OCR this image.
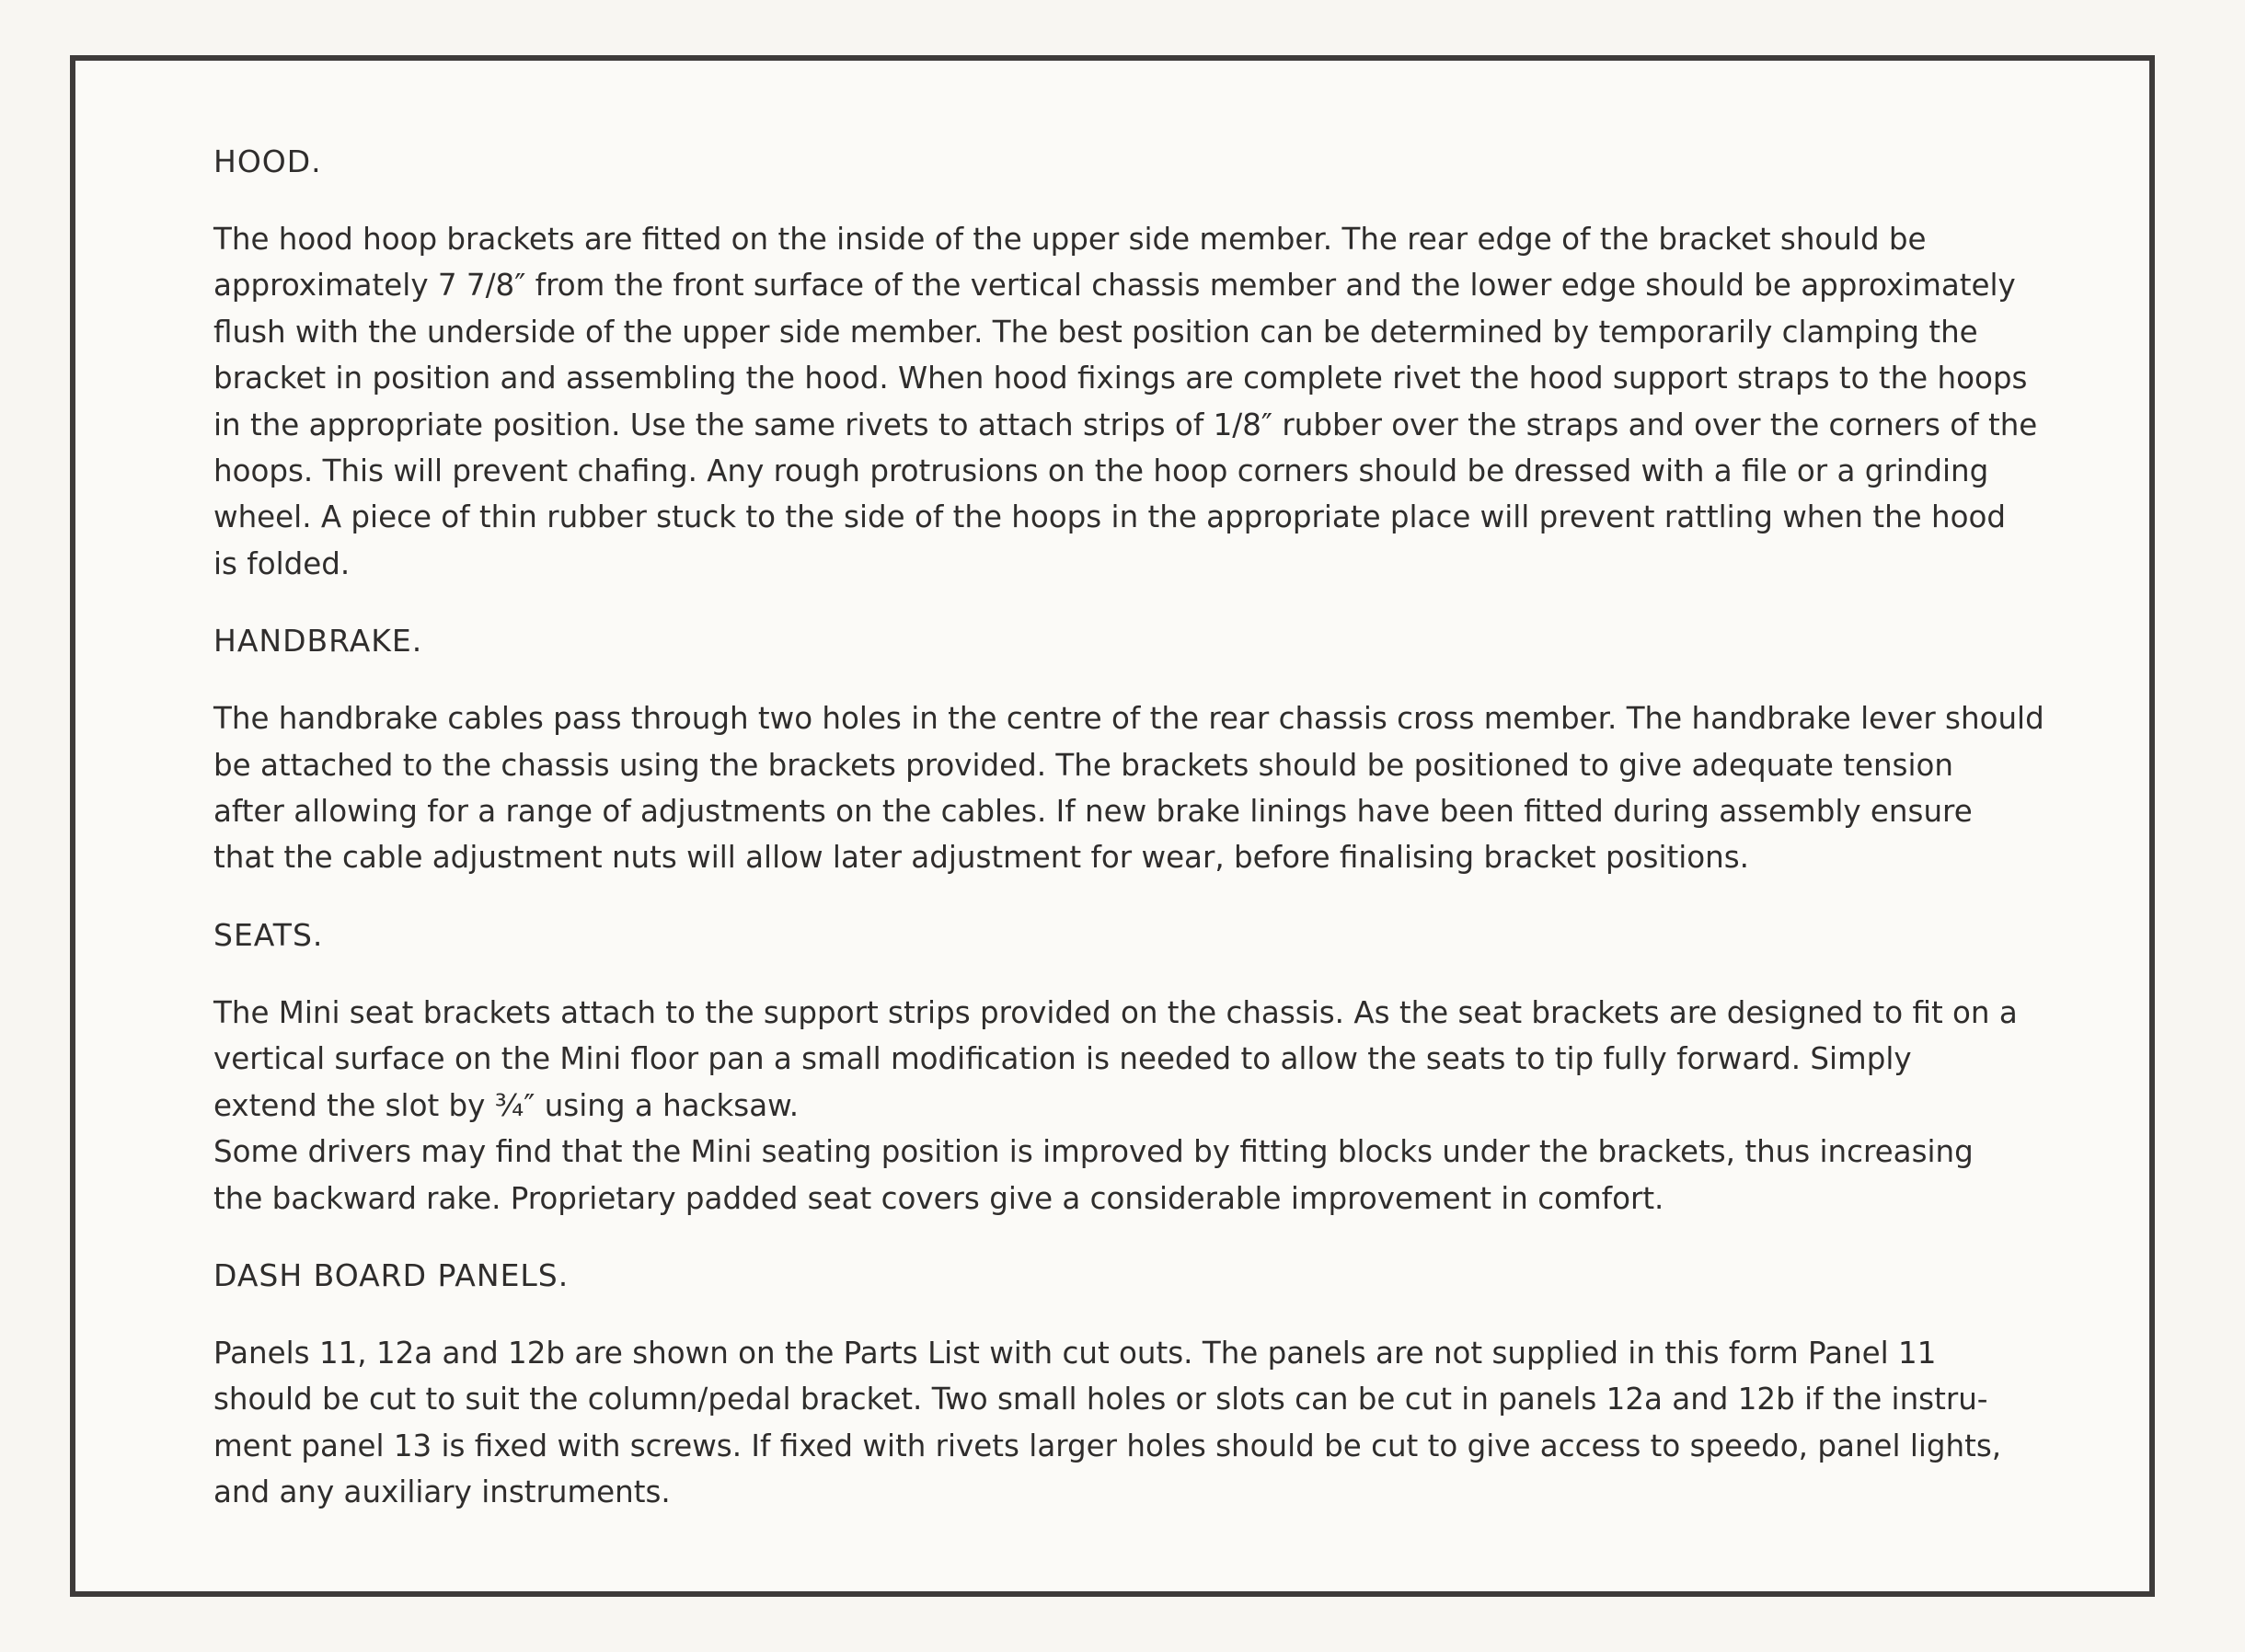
HOOD.

The hood hoop brackets are fitted on the inside of the upper side member. The rear edge of the bracket should be
approximately 7 7/8″ from the front surface of the vertical chassis member and the lower edge should be approximately
flush with the underside of the upper side member. The best position can be determined by temporarily clamping the
bracket in position and assembling the hood. When hood fixings are complete rivet the hood support straps to the hoops
in the appropriate position. Use the same rivets to attach strips of 1/8″ rubber over the straps and over the corners of the
hoops. This will prevent chafing. Any rough protrusions on the hoop corners should be dressed with a file or a grinding
wheel. A piece of thin rubber stuck to the side of the hoops in the appropriate place will prevent rattling when the hood
is folded.

HANDBRAKE.

The handbrake cables pass through two holes in the centre of the rear chassis cross member. The handbrake lever should
be attached to the chassis using the brackets provided. The brackets should be positioned to give adequate tension
after allowing for a range of adjustments on the cables. If new brake linings have been fitted during assembly ensure
that the cable adjustment nuts will allow later adjustment for wear, before finalising bracket positions.

SEATS.

The Mini seat brackets attach to the support strips provided on the chassis. As the seat brackets are designed to fit on a
vertical surface on the Mini floor pan a small modification is needed to allow the seats to tip fully forward. Simply
extend the slot by ¾″ using a hacksaw.
Some drivers may find that the Mini seating position is improved by fitting blocks under the brackets, thus increasing
the backward rake. Proprietary padded seat covers give a considerable improvement in comfort.

DASH BOARD PANELS.

Panels 11, 12a and 12b are shown on the Parts List with cut outs. The panels are not supplied in this form Panel 11
should be cut to suit the column/pedal bracket. Two small holes or slots can be cut in panels 12a and 12b if the instru-
ment panel 13 is fixed with screws. If fixed with rivets larger holes should be cut to give access to speedo, panel lights,
and any auxiliary instruments.
